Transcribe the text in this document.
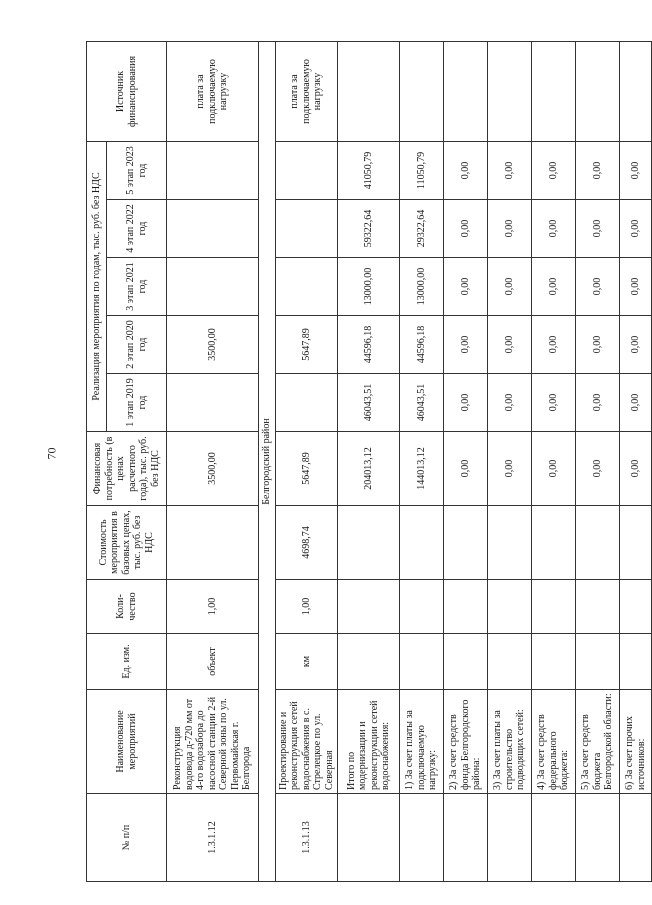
70
№ п/п	Наименование мероприятий	Ед. изм.	Коли-чество	Стоимость мероприятия в базовых ценах, тыс. руб. без НДС	Финансовая потребность (в ценах расчетного года), тыс. руб. без НДС	Реализация мероприятия по годам, тыс. руб. без НДС					Источник финансирования
						1 этап 2019 год	2 этап 2020 год	3 этап 2021 год	4 этап 2022 год	5 этап 2023 год	
1.3.1.12	Реконструкция водовода д-720 мм от 4-го водозабора до насосной станции 2-й Северной зоны по ул. Первомайская г. Белгорода	объект	1,00		3500,00		3500,00				плата за подключаемую нагрузку
Белгородский район											
1.3.1.13	Проектирование и реконструкция сетей водоснабжения в с. Стрелецкое по ул. Северная	км	1,00	4698,74	5647,89		5647,89				плата за подключаемую нагрузку
	Итого по модернизации и реконструкции сетей водоснабжения:				204013,12	46043,51	44596,18	13000,00	59322,64	41050,79	
	1) За счет платы за подключаемую нагрузку:				144013,12	46043,51	44596,18	13000,00	29322,64	11050,79	
	2) За счет средств фонда Белгородского района:				0,00	0,00	0,00	0,00	0,00	0,00	
	3) За счет платы за строительство подводящих сетей:				0,00	0,00	0,00	0,00	0,00	0,00	
	4) За счет средств федерального бюджета:				0,00	0,00	0,00	0,00	0,00	0,00	
	5) За счет средств бюджета Белгородской области:				0,00	0,00	0,00	0,00	0,00	0,00	
	6) За счет прочих источников:				0,00	0,00	0,00	0,00	0,00	0,00	
